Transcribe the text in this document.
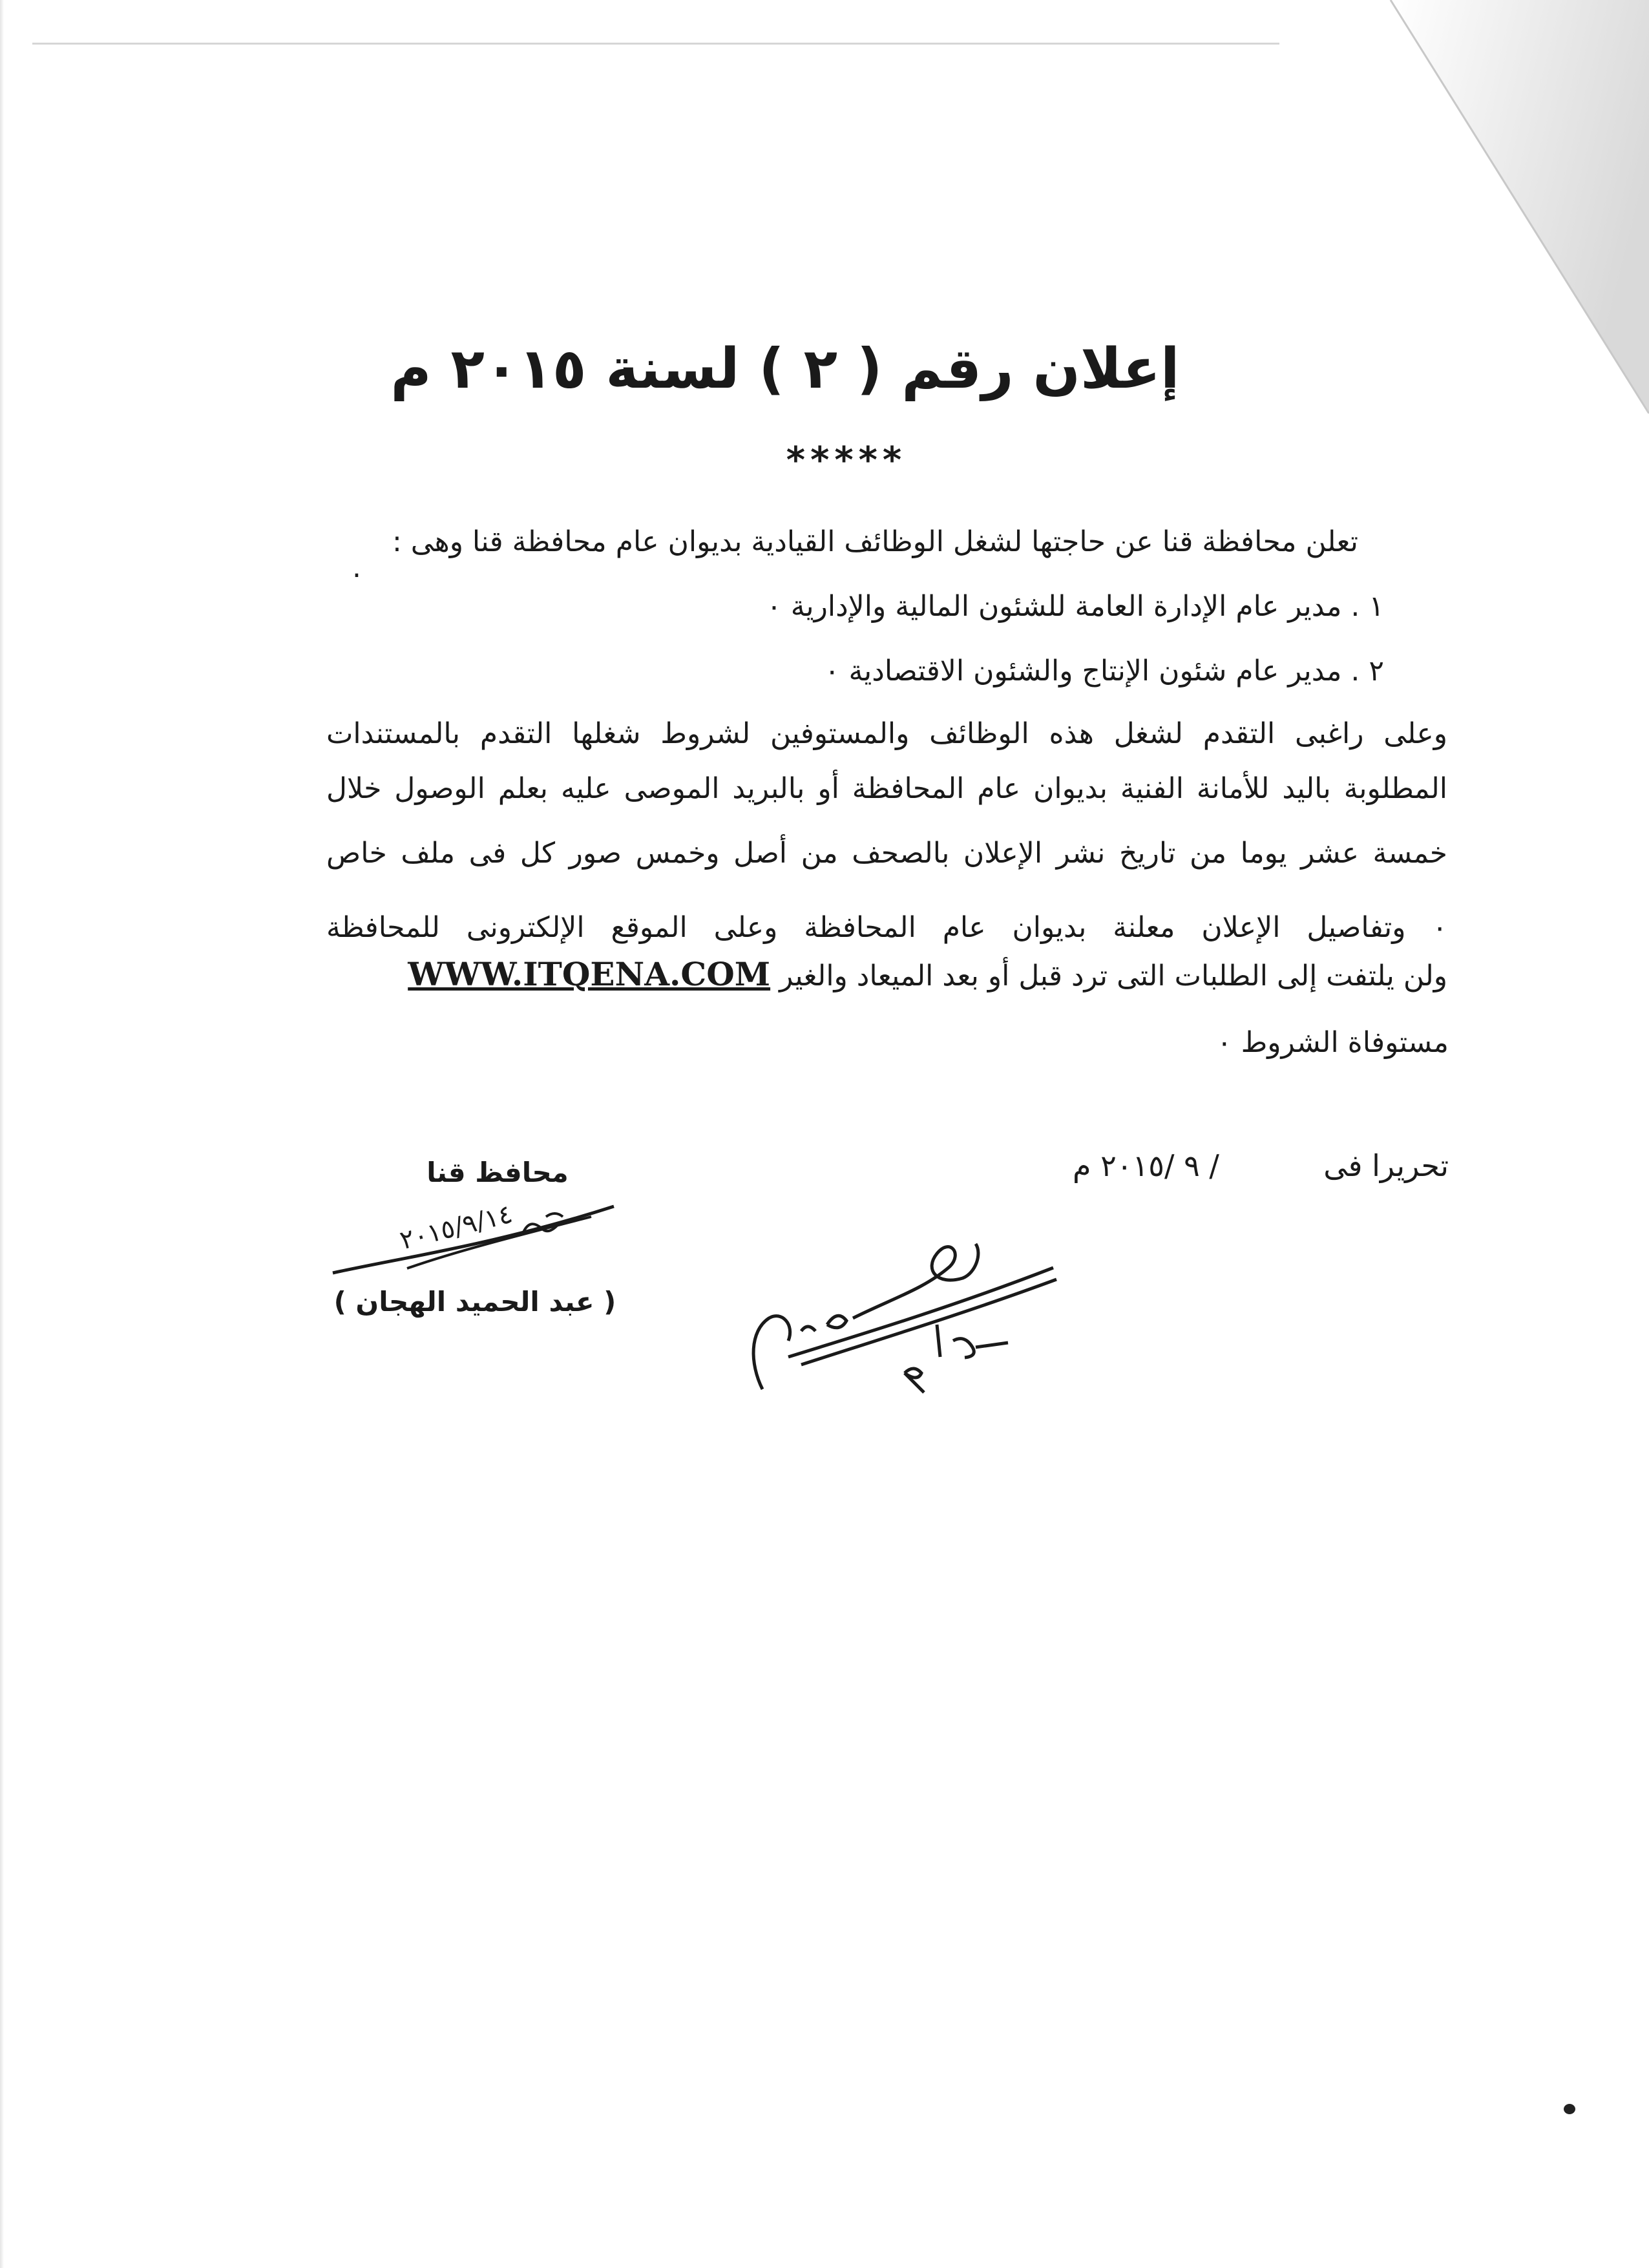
إعلان رقم ( ٢ ) لسنة ٢٠١٥ م
*****
تعلن محافظة قنا عن حاجتها لشغل الوظائف القيادية بديوان عام محافظة قنا وهى :
.
١ . مدير عام الإدارة العامة للشئون المالية والإدارية ٠
٢ . مدير عام شئون الإنتاج والشئون الاقتصادية ٠
وعلى راغبى التقدم لشغل هذه الوظائف والمستوفين لشروط شغلها التقدم بالمستندات
المطلوبة باليد للأمانة الفنية بديوان عام المحافظة أو بالبريد الموصى عليه بعلم الوصول خلال
خمسة عشر يوما من تاريخ نشر الإعلان بالصحف من أصل وخمس صور كل فى ملف خاص
٠ وتفاصيل الإعلان معلنة بديوان عام المحافظة وعلى الموقع الإلكترونى للمحافظة
ولن يلتفت إلى الطلبات التى ترد قبل أو بعد الميعاد والغير WWW.ITQENA.COM
مستوفاة الشروط ٠
تحريرا فى
/ ٩ /٢٠١٥ م
محافظ قنا
٢٠١٥/٩/١٤
( عبد الحميد الهجان )
